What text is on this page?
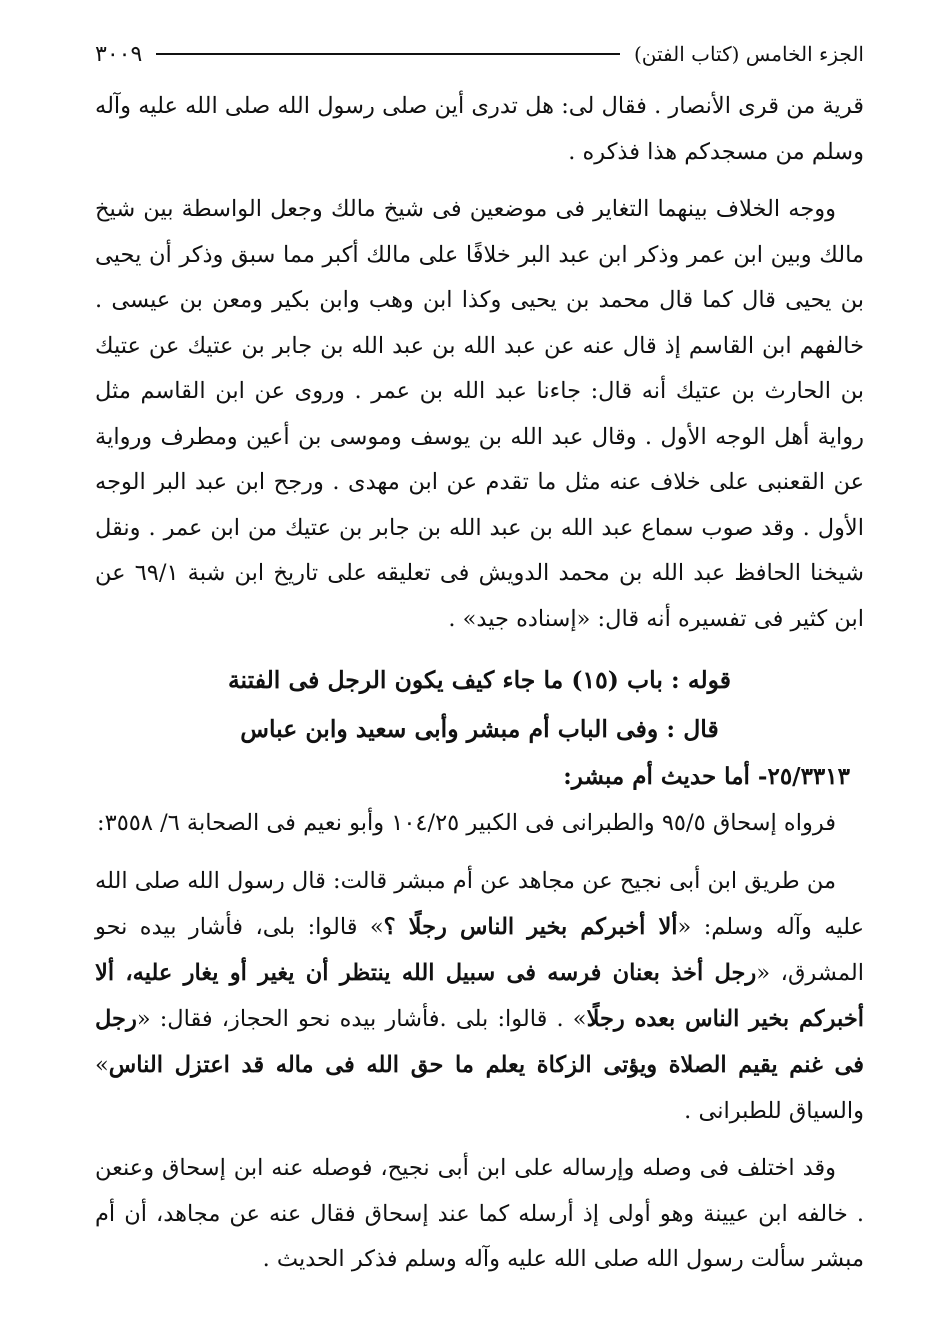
الجزء الخامس (كتاب الفتن)
٣٠٠٩

قرية من قرى الأنصار . فقال لى: هل تدرى أين صلى رسول الله صلى الله عليه وآله وسلم من مسجدكم هذا فذكره .

ووجه الخلاف بينهما التغاير فى موضعين فى شيخ مالك وجعل الواسطة بين شيخ مالك وبين ابن عمر وذكر ابن عبد البر خلافًا على مالك أكبر مما سبق وذكر أن يحيى بن يحيى قال كما قال محمد بن يحيى وكذا ابن وهب وابن بكير ومعن بن عيسى . خالفهم ابن القاسم إذ قال عنه عن عبد الله بن عبد الله بن جابر بن عتيك عن عتيك بن الحارث بن عتيك أنه قال: جاءنا عبد الله بن عمر . وروى عن ابن القاسم مثل رواية أهل الوجه الأول . وقال عبد الله بن يوسف وموسى بن أعين ومطرف ورواية عن القعنبى على خلاف عنه مثل ما تقدم عن ابن مهدى . ورجح ابن عبد البر الوجه الأول . وقد صوب سماع عبد الله بن عبد الله بن جابر بن عتيك من ابن عمر . ونقل شيخنا الحافظ عبد الله بن محمد الدويش فى تعليقه على تاريخ ابن شبة ٦٩/١ عن ابن كثير فى تفسيره أنه قال: «إسناده جيد» .

قوله : باب (١٥) ما جاء كيف يكون الرجل فى الفتنة
قال : وفى الباب أم مبشر وأبى سعيد وابن عباس
٢٥/٣٣١٣- أما حديث أم مبشر:

فرواه إسحاق ٩٥/٥ والطبرانى فى الكبير ١٠٤/٢٥ وأبو نعيم فى الصحابة ٦/ ٣٥٥٨:

من طريق ابن أبى نجيح عن مجاهد عن أم مبشر قالت: قال رسول الله صلى الله عليه وآله وسلم: «ألا أخبركم بخير الناس رجلًا ؟» قالوا: بلى، فأشار بيده نحو المشرق، «رجل أخذ بعنان فرسه فى سبيل الله ينتظر أن يغير أو يغار عليه، ألا أخبركم بخير الناس بعده رجلًا» . قالوا: بلى .فأشار بيده نحو الحجاز، فقال: «رجل فى غنم يقيم الصلاة ويؤتى الزكاة يعلم ما حق الله فى ماله قد اعتزل الناس» والسياق للطبرانى .

وقد اختلف فى وصله وإرساله على ابن أبى نجيح، فوصله عنه ابن إسحاق وعنعن . خالفه ابن عيينة وهو أولى إذ أرسله كما عند إسحاق فقال عنه عن مجاهد، أن أم مبشر سألت رسول الله صلى الله عليه وآله وسلم فذكر الحديث .
